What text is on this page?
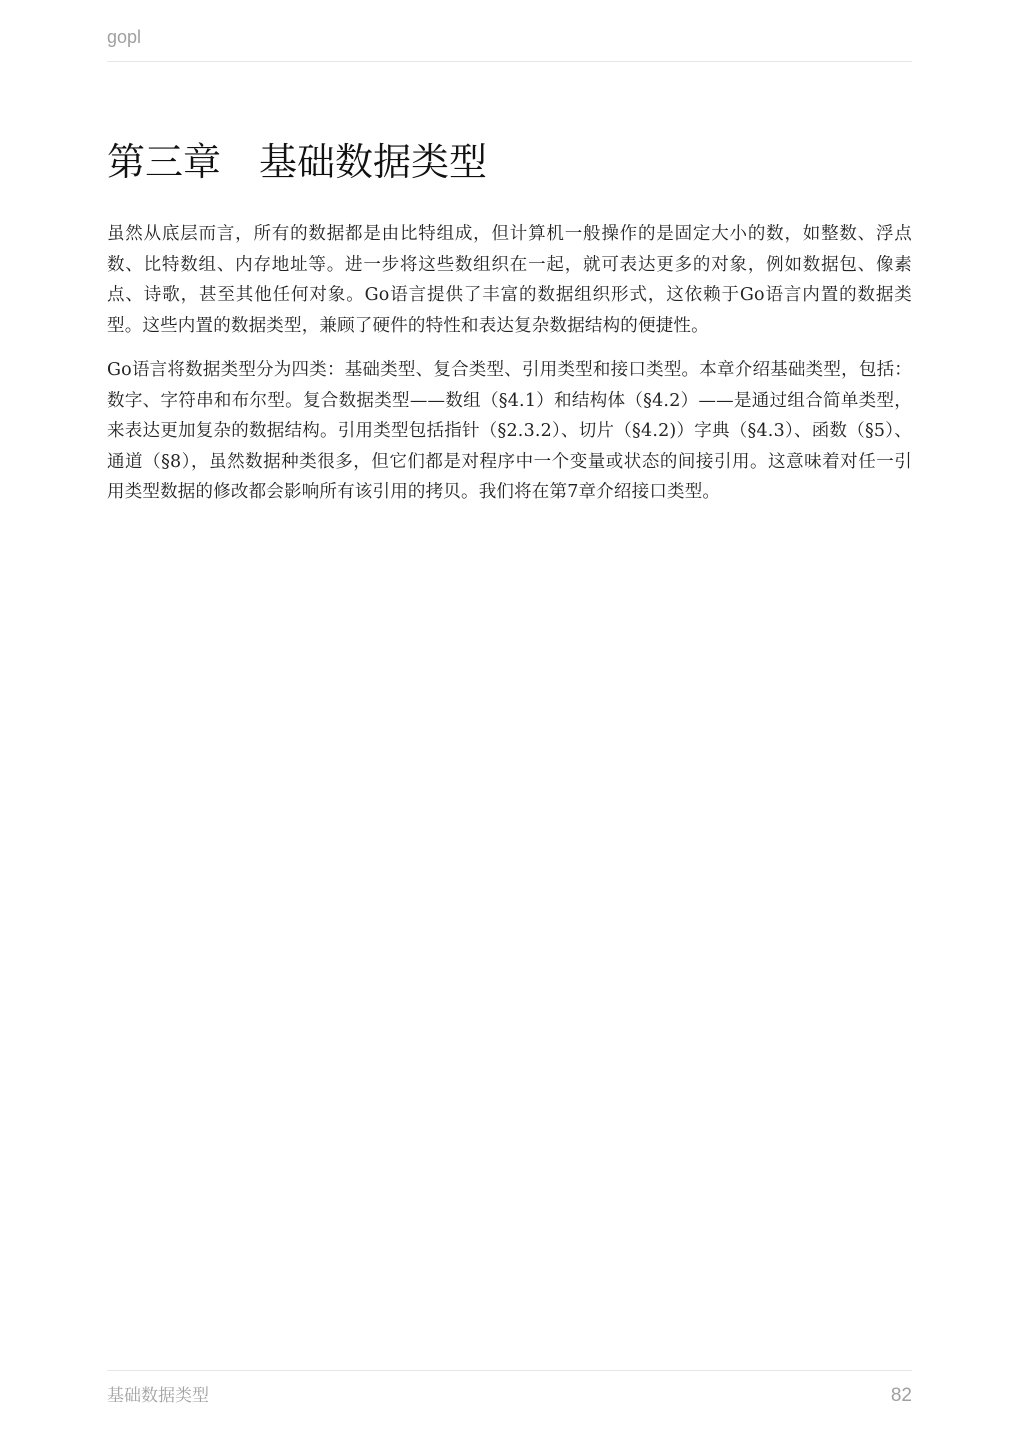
gopl
第三章　基础数据类型

虽然从底层而言，所有的数据都是由比特组成，但计算机一般操作的是固定大小的数，如整数、浮点数、比特数组、内存地址等。进一步将这些数组织在一起，就可表达更多的对象，例如数据包、像素点、诗歌，甚至其他任何对象。Go语言提供了丰富的数据组织形式，这依赖于Go语言内置的数据类型。这些内置的数据类型，兼顾了硬件的特性和表达复杂数据结构的便捷性。

Go语言将数据类型分为四类：基础类型、复合类型、引用类型和接口类型。本章介绍基础类型，包括：数字、字符串和布尔型。复合数据类型——数组（§4.1）和结构体（§4.2）——是通过组合简单类型，来表达更加复杂的数据结构。引用类型包括指针（§2.3.2）、切片（§4.2)）字典（§4.3）、函数（§5）、通道（§8），虽然数据种类很多，但它们都是对程序中一个变量或状态的间接引用。这意味着对任一引用类型数据的修改都会影响所有该引用的拷贝。我们将在第7章介绍接口类型。

基础数据类型	82
